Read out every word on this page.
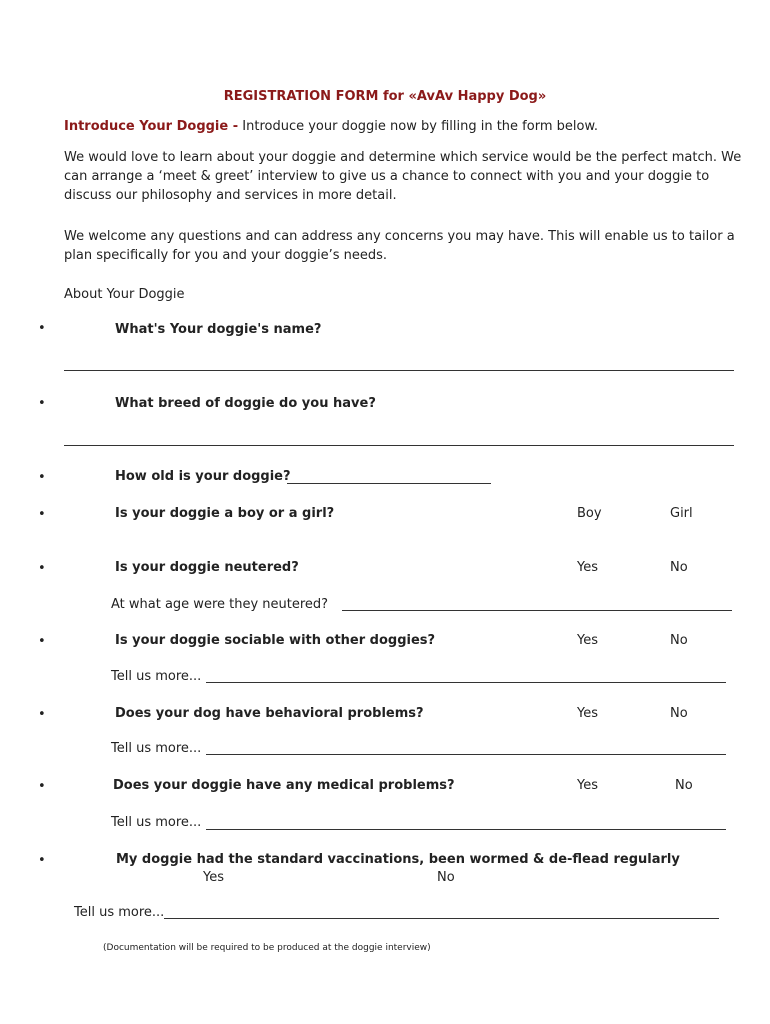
REGISTRATION FORM for «AvAv Happy Dog»
Introduce Your Doggie - Introduce your doggie now by filling in the form below.
We would love to learn about your doggie and determine which service would be the perfect match. We can arrange a ‘meet & greet’ interview to give us a chance to connect with you and your doggie to discuss our philosophy and services in more detail.
We welcome any questions and can address any concerns you may have. This will enable us to tailor a plan specifically for you and your doggie’s needs.
About Your Doggie
•	What's Your doggie's name?
•	What breed of doggie do you have?
•	How old is your doggie?
•	Is your doggie a boy or a girl?	Boy	Girl
•	Is your doggie neutered?	Yes	No
At what age were they neutered?
•	Is your doggie sociable with other doggies?	Yes	No
Tell us more...
•	Does your dog have behavioral problems?	Yes	No
Tell us more...
•	Does your doggie have any medical problems?	Yes	No
Tell us more...
•	My doggie had the standard vaccinations, been wormed & de-flead regularly
Yes	No
Tell us more...
(Documentation will be required to be produced at the doggie interview)
